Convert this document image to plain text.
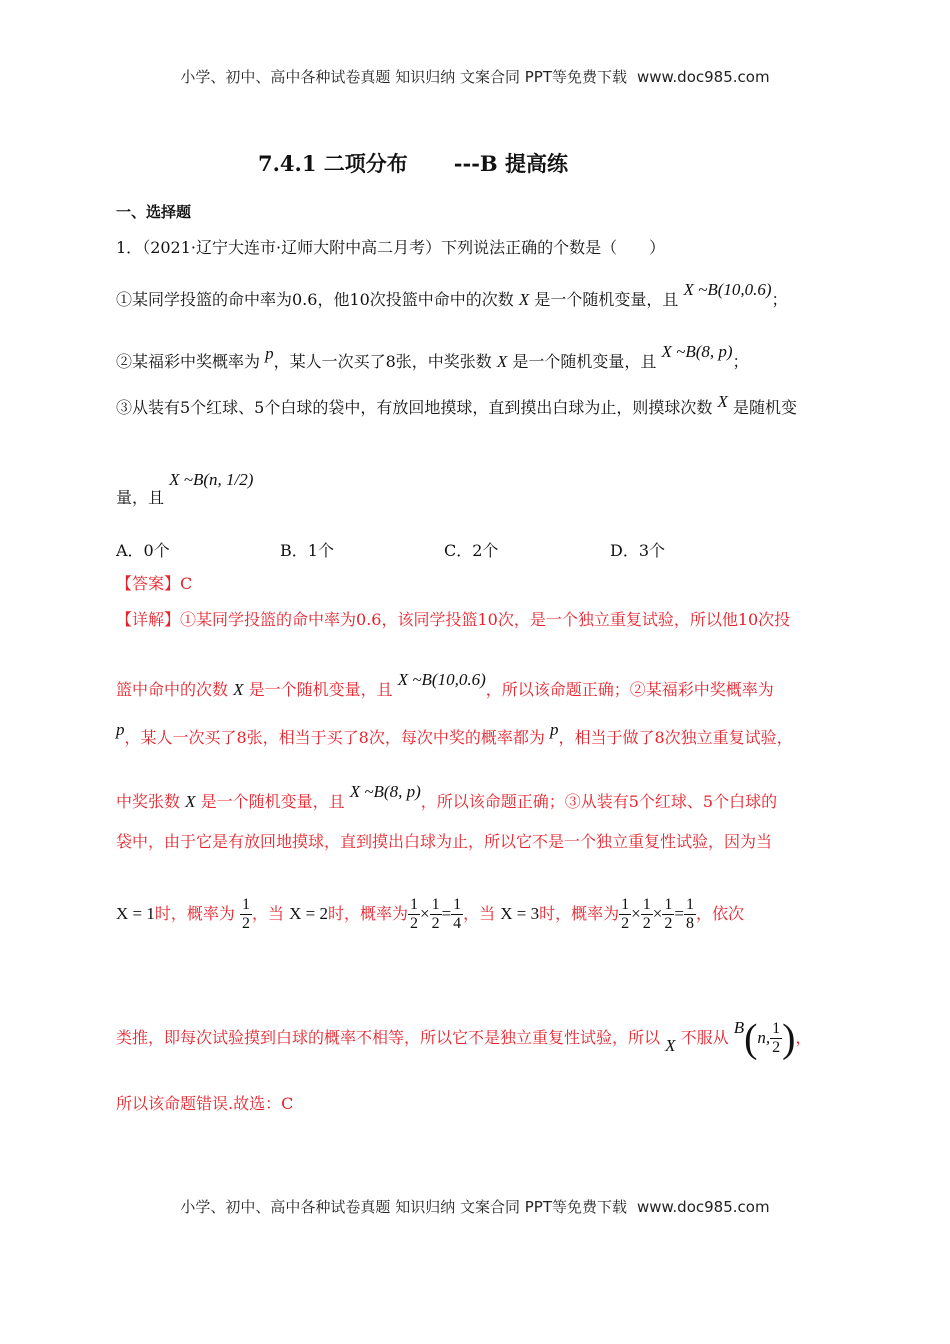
小学、初中、高中各种试卷真题 知识归纳 文案合同 PPT等免费下载 www.doc985.com
7.4.1 二项分布 ---B 提高练
一、选择题
1．（2021·辽宁大连市·辽师大附中高二月考）下列说法正确的个数是（　　）
①某同学投篮的命中率为0.6，他10次投篮中命中的次数 X 是一个随机变量，且 X ~B(10,0.6)；
②某福彩中奖概率为 p，某人一次买了8张，中奖张数 X 是一个随机变量，且 X ~B(8, p)；
③从装有5个红球、5个白球的袋中，有放回地摸球，直到摸出白球为止，则摸球次数 X 是随机变
量，且 X ~B(n, 1/2)
A．0个	B．1个	C．2个	D．3个
【答案】C
【详解】①某同学投篮的命中率为0.6，该同学投篮10次，是一个独立重复试验，所以他10次投
篮中命中的次数 X 是一个随机变量，且 X ~B(10,0.6)，所以该命题正确；②某福彩中奖概率为
p，某人一次买了8张，相当于买了8次，每次中奖的概率都为 p，相当于做了8次独立重复试验，
中奖张数 X 是一个随机变量，且 X ~B(8, p)，所以该命题正确；③从装有5个红球、5个白球的
袋中，由于它是有放回地摸球，直到摸出白球为止，所以它不是一个独立重复性试验，因为当
X = 1时，概率为 $\frac{1}{2}$ ，当 X = 2时，概率为 $\frac{1}{2} \times \frac{1}{2} = \frac{1}{4}$ ，当 X = 3时，概率为 $\frac{1}{2} \times \frac{1}{2} \times \frac{1}{2} = \frac{1}{8}$ ，依次
类推，即每次试验摸到白球的概率不相等，所以它不是独立重复性试验，所以 X 不服从 B(n, $\frac{1}{2}$ )，
所以该命题错误.故选：C
小学、初中、高中各种试卷真题 知识归纳 文案合同 PPT等免费下载 www.doc985.com
